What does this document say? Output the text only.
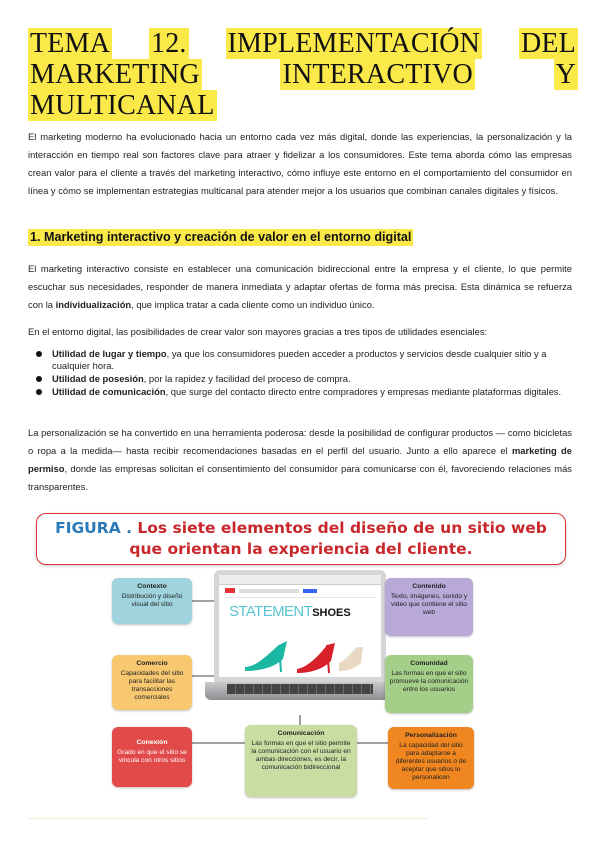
TEMA 12. IMPLEMENTACIÓN DEL
MARKETING	INTERACTIVO	Y
MULTICANAL

El marketing moderno ha evolucionado hacia un entorno cada vez más digital, donde las experiencias, la personalización y la interacción en tiempo real son factores clave para atraer y fidelizar a los consumidores. Este tema aborda cómo las empresas crean valor para el cliente a través del marketing interactivo, cómo influye este entorno en el comportamiento del consumidor en línea y cómo se implementan estrategias multicanal para atender mejor a los usuarios que combinan canales digitales y físicos.

1. Marketing interactivo y creación de valor en el entorno digital

El marketing interactivo consiste en establecer una comunicación bidireccional entre la empresa y el cliente, lo que permite escuchar sus necesidades, responder de manera inmediata y adaptar ofertas de forma más precisa. Esta dinámica se refuerza con la individualización, que implica tratar a cada cliente como un individuo único.

En el entorno digital, las posibilidades de crear valor son mayores gracias a tres tipos de utilidades esenciales:

Utilidad de lugar y tiempo, ya que los consumidores pueden acceder a productos y servicios desde cualquier sitio y a cualquier hora.
Utilidad de posesión, por la rapidez y facilidad del proceso de compra.
Utilidad de comunicación, que surge del contacto directo entre compradores y empresas mediante plataformas digitales.

La personalización se ha convertido en una herramienta poderosa: desde la posibilidad de configurar productos — como bicicletas o ropa a la medida— hasta recibir recomendaciones basadas en el perfil del usuario. Junto a ello aparece el marketing de permiso, donde las empresas solicitan el consentimiento del consumidor para comunicarse con él, favoreciendo relaciones más transparentes.

FIGURA . Los siete elementos del diseño de un sitio web
que orientan la experiencia del cliente.
STATEMENTSHOES
Contexto
Distribución y diseño visual del sitio
Contenido
Texto, imágenes, sonido y video que contiene el sitio web
Comercio
Capacidades del sitio para facilitar las transacciones comerciales
Comunidad
Las formas en que el sitio promueve la comunicación entre los usuarios
Conexión
Grado en que el sitio se vincula con otros sitios
Comunicación
Las formas en que el sitio permite la comunicación con el usuario en ambas direcciones, es decir, la comunicación bidireccional
Personalización
La capacidad del sitio para adaptarse a diferentes usuarios o de aceptar que sitios lo personalicen
